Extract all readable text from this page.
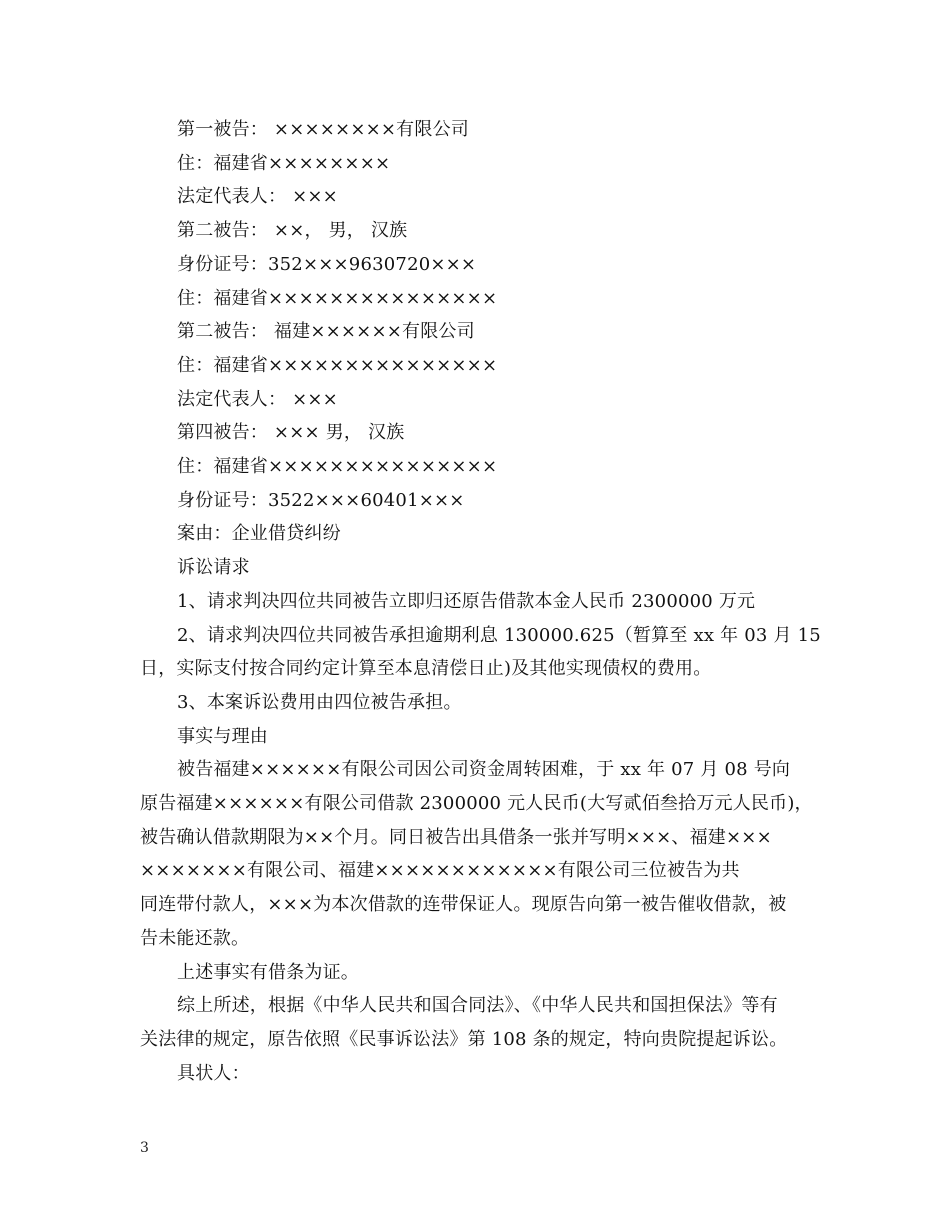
第一被告： ××××××××有限公司
住：福建省××××××××
法定代表人： ×××
第二被告： ××， 男， 汉族
身份证号：352×××9630720×××
住：福建省×××××××××××××××
第二被告： 福建××××××有限公司
住：福建省×××××××××××××××
法定代表人： ×××
第四被告： ××× 男， 汉族
住：福建省×××××××××××××××
身份证号：3522×××60401×××
案由：企业借贷纠纷
诉讼请求
1、请求判决四位共同被告立即归还原告借款本金人民币 2300000 万元
2、请求判决四位共同被告承担逾期利息 130000.625（暂算至 xx 年 03 月 15
日，实际支付按合同约定计算至本息清偿日止)及其他实现债权的费用。
3、本案诉讼费用由四位被告承担。
事实与理由
被告福建××××××有限公司因公司资金周转困难，于 xx 年 07 月 08 号向
原告福建××××××有限公司借款 2300000 元人民币(大写贰佰叁拾万元人民币)，
被告确认借款期限为××个月。同日被告出具借条一张并写明×××、福建×××
×××××××有限公司、福建××××××××××××有限公司三位被告为共
同连带付款人，×××为本次借款的连带保证人。现原告向第一被告催收借款，被
告未能还款。
上述事实有借条为证。
综上所述，根据《中华人民共和国合同法》、《中华人民共和国担保法》等有
关法律的规定，原告依照《民事诉讼法》第 108 条的规定，特向贵院提起诉讼。
具状人：
3
